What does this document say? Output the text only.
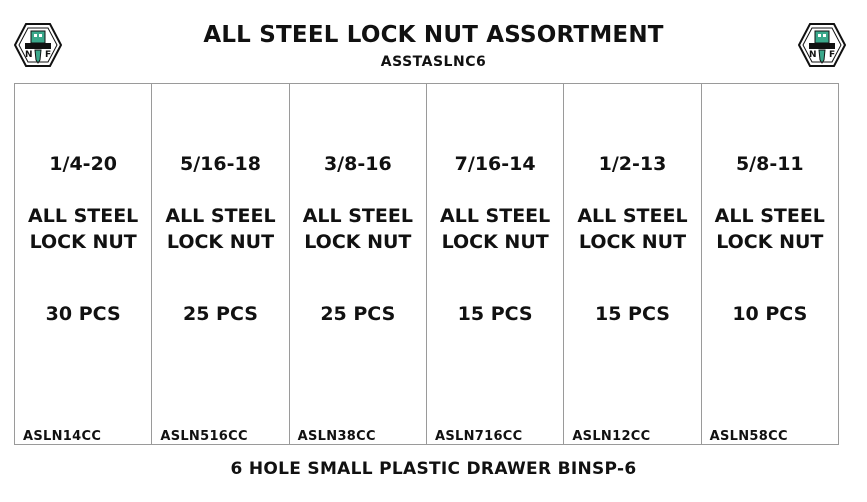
N F	N F
ALL STEEL LOCK NUT ASSORTMENT
ASSTASLNC6
1/4-20
ALL STEEL
LOCK NUT
30 PCS
ASLN14CC
5/16-18
ALL STEEL
LOCK NUT
25 PCS
ASLN516CC
3/8-16
ALL STEEL
LOCK NUT
25 PCS
ASLN38CC
7/16-14
ALL STEEL
LOCK NUT
15 PCS
ASLN716CC
1/2-13
ALL STEEL
LOCK NUT
15 PCS
ASLN12CC
5/8-11
ALL STEEL
LOCK NUT
10 PCS
ASLN58CC
6 HOLE SMALL PLASTIC DRAWER BINSP-6
